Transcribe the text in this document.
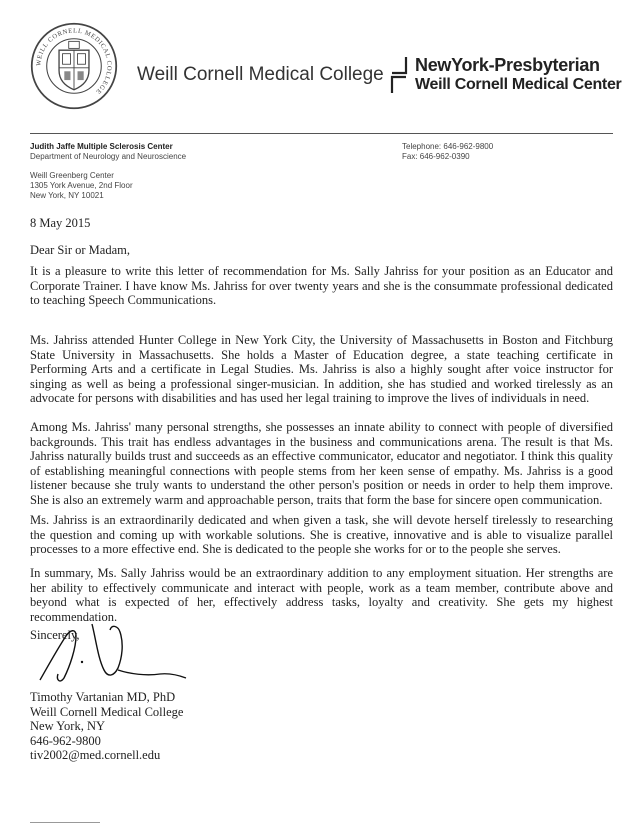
WEILL CORNELL MEDICAL COLLEGE
Weill Cornell Medical College NewYork-Presbyterian
Weill Cornell Medical Center
Judith Jaffe Multiple Sclerosis Center
Department of Neurology and Neuroscience
Telephone: 646-962-9800
Fax: 646-962-0390
Weill Greenberg Center
1305 York Avenue, 2nd Floor
New York, NY 10021
8 May 2015
Dear Sir or Madam,

It is a pleasure to write this letter of recommendation for Ms. Sally Jahriss for your position as an Educator and Corporate Trainer. I have know Ms. Jahriss for over twenty years and she is the consummate professional dedicated to teaching Speech Communications.

Ms. Jahriss attended Hunter College in New York City, the University of Massachusetts in Boston and Fitchburg State University in Massachusetts. She holds a Master of Education degree, a state teaching certificate in Performing Arts and a certificate in Legal Studies. Ms. Jahriss is also a highly sought after voice instructor for singing as well as being a professional singer-musician. In addition, she has studied and worked tirelessly as an advocate for persons with disabilities and has used her legal training to improve the lives of individuals in need.

Among Ms. Jahriss' many personal strengths, she possesses an innate ability to connect with people of diversified backgrounds. This trait has endless advantages in the business and communications arena. The result is that Ms. Jahriss naturally builds trust and succeeds as an effective communicator, educator and negotiator. I think this quality of establishing meaningful connections with people stems from her keen sense of empathy. Ms. Jahriss is a good listener because she truly wants to understand the other person's position or needs in order to help them improve. She is also an extremely warm and approachable person, traits that form the base for sincere open communication.

Ms. Jahriss is an extraordinarily dedicated and when given a task, she will devote herself tirelessly to researching the question and coming up with workable solutions. She is creative, innovative and is able to visualize parallel processes to a more effective end. She is dedicated to the people she works for or to the people she serves.

In summary, Ms. Sally Jahriss would be an extraordinary addition to any employment situation. Her strengths are her ability to effectively communicate and interact with people, work as a team member, contribute above and beyond what is expected of her, effectively address tasks, loyalty and creativity. She gets my highest recommendation.

Sincerely,
Timothy Vartanian MD, PhD
Weill Cornell Medical College
New York, NY
646-962-9800
tiv2002@med.cornell.edu
